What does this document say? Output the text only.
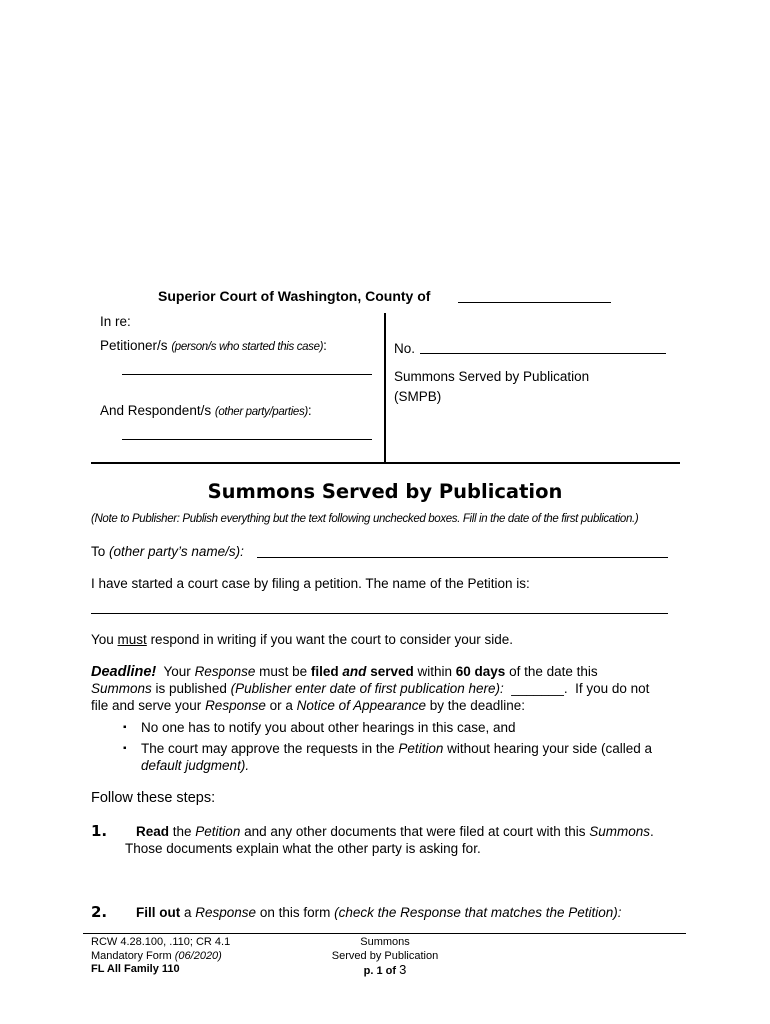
Superior Court of Washington, County of
In re:
Petitioner/s (person/s who started this case):
And Respondent/s (other party/parties):
No.
Summons Served by Publication
(SMPB)
Summons Served by Publication
(Note to Publisher: Publish everything but the text following unchecked boxes. Fill in the date of the first publication.)
To (other party’s name/s):
I have started a court case by filing a petition. The name of the Petition is:
You must respond in writing if you want the court to consider your side.
Deadline!  Your Response must be filed and served within 60 days of the date this
Summons is published (Publisher enter date of first publication here): _______.  If you do not
file and serve your Response or a Notice of Appearance by the deadline:
▪ No one has to notify you about other hearings in this case, and
▪ The court may approve the requests in the Petition without hearing your side (called a
default judgment).
Follow these steps:
1. Read the Petition and any other documents that were filed at court with this Summons.
Those documents explain what the other party is asking for.
2. Fill out a Response on this form (check the Response that matches the Petition):
RCW 4.28.100, .110; CR 4.1
Mandatory Form (06/2020)
FL All Family 110
Summons
Served by Publication
p. 1 of 3
